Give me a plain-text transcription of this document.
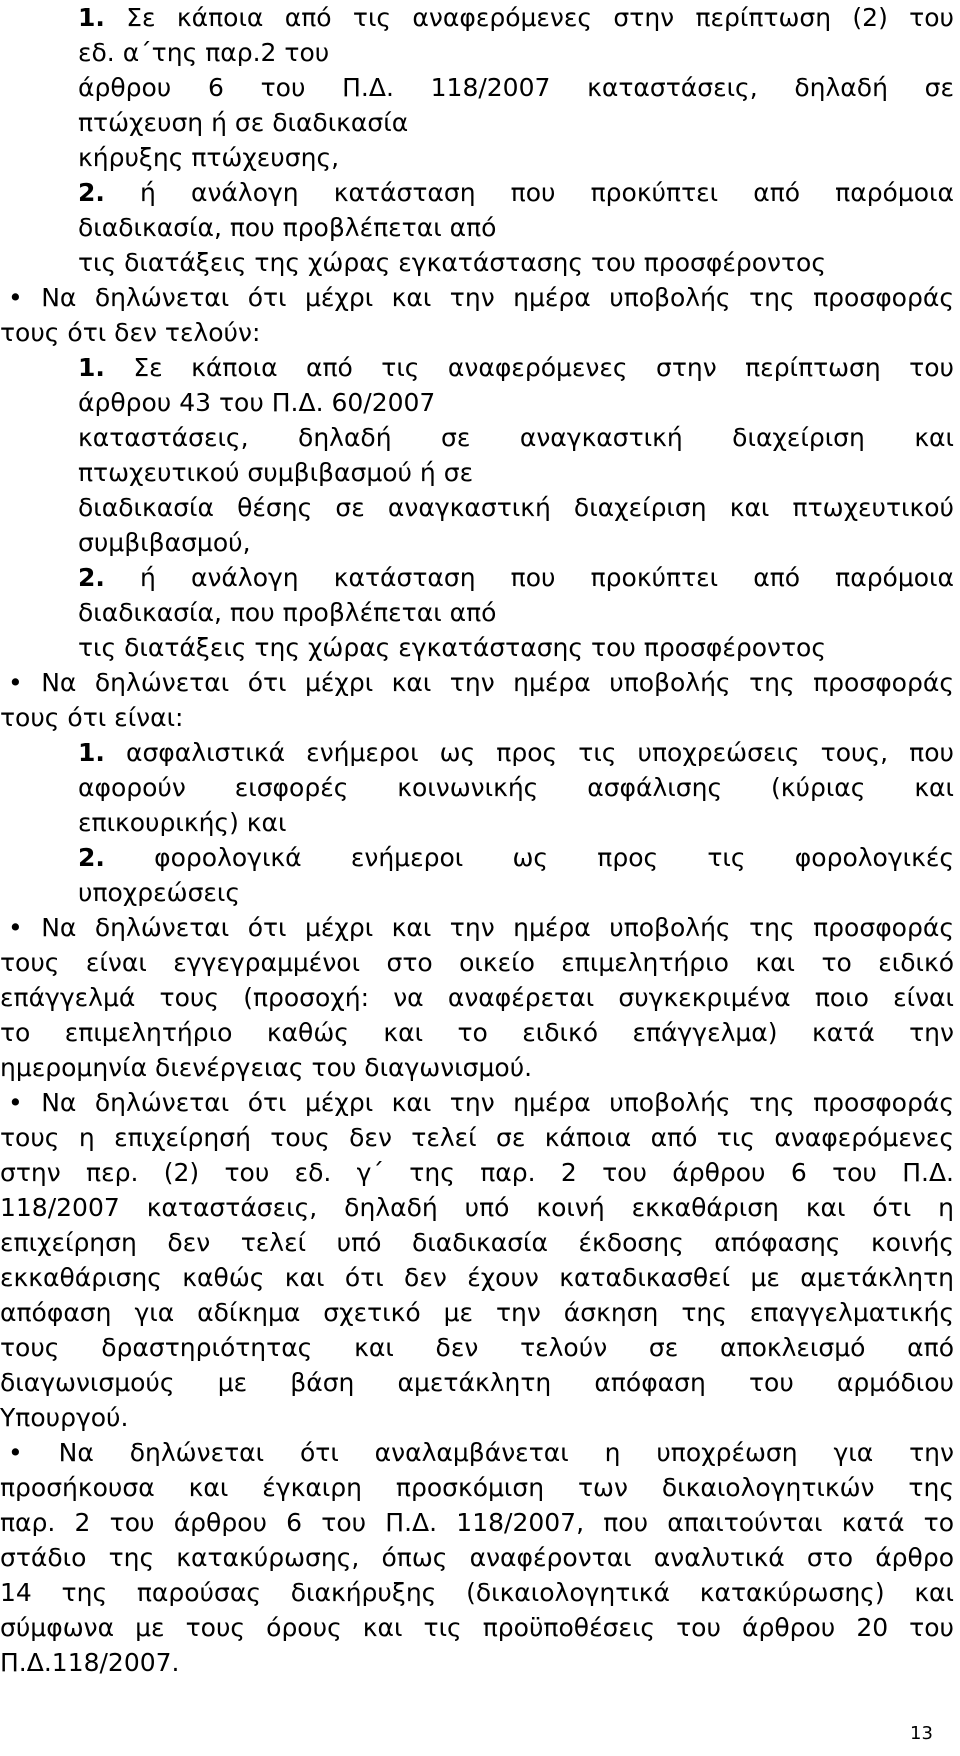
1. Σε κάποια από τις αναφερόμενες στην περίπτωση (2) του
εδ. α΄της παρ.2 του
άρθρου 6 του Π.Δ. 118/2007 καταστάσεις, δηλαδή σε
πτώχευση ή σε διαδικασία
κήρυξης πτώχευσης,
2. ή ανάλογη κατάσταση που προκύπτει από παρόμοια
διαδικασία, που προβλέπεται από
τις διατάξεις της χώρας εγκατάστασης του προσφέροντος
• Να δηλώνεται ότι μέχρι και την ημέρα υποβολής της προσφοράς
τους ότι δεν τελούν:
1. Σε κάποια από τις αναφερόμενες στην περίπτωση του
άρθρου 43 του Π.Δ. 60/2007
καταστάσεις, δηλαδή σε αναγκαστική διαχείριση και
πτωχευτικού συμβιβασμού ή σε
διαδικασία θέσης σε αναγκαστική διαχείριση και πτωχευτικού
συμβιβασμού,
2. ή ανάλογη κατάσταση που προκύπτει από παρόμοια
διαδικασία, που προβλέπεται από
τις διατάξεις της χώρας εγκατάστασης του προσφέροντος
• Να δηλώνεται ότι μέχρι και την ημέρα υποβολής της προσφοράς
τους ότι είναι:
1. ασφαλιστικά ενήμεροι ως προς τις υποχρεώσεις τους, που
αφορούν εισφορές κοινωνικής ασφάλισης (κύριας και
επικουρικής) και
2. φορολογικά ενήμεροι ως προς τις φορολογικές
υποχρεώσεις
• Να δηλώνεται ότι μέχρι και την ημέρα υποβολής της προσφοράς
τους είναι εγγεγραμμένοι στο οικείο επιμελητήριο και το ειδικό
επάγγελμά τους (προσοχή: να αναφέρεται συγκεκριμένα ποιο είναι
το επιμελητήριο καθώς και το ειδικό επάγγελμα) κατά την
ημερομηνία διενέργειας του διαγωνισμού.
• Να δηλώνεται ότι μέχρι και την ημέρα υποβολής της προσφοράς
τους η επιχείρησή τους δεν τελεί σε κάποια από τις αναφερόμενες
στην περ. (2) του εδ. γ΄ της παρ. 2 του άρθρου 6 του Π.Δ.
118/2007 καταστάσεις, δηλαδή υπό κοινή εκκαθάριση και ότι η
επιχείρηση δεν τελεί υπό διαδικασία έκδοσης απόφασης κοινής
εκκαθάρισης καθώς και ότι δεν έχουν καταδικασθεί με αμετάκλητη
απόφαση για αδίκημα σχετικό με την άσκηση της επαγγελματικής
τους δραστηριότητας και δεν τελούν σε αποκλεισμό από
διαγωνισμούς με βάση αμετάκλητη απόφαση του αρμόδιου
Υπουργού.
• Να δηλώνεται ότι αναλαμβάνεται η υποχρέωση για την
προσήκουσα και έγκαιρη προσκόμιση των δικαιολογητικών της
παρ. 2 του άρθρου 6 του Π.Δ. 118/2007, που απαιτούνται κατά το
στάδιο της κατακύρωσης, όπως αναφέρονται αναλυτικά στο άρθρο
14 της παρούσας διακήρυξης (δικαιολογητικά κατακύρωσης) και
σύμφωνα με τους όρους και τις προϋποθέσεις του άρθρου 20 του
Π.Δ.118/2007.
13
